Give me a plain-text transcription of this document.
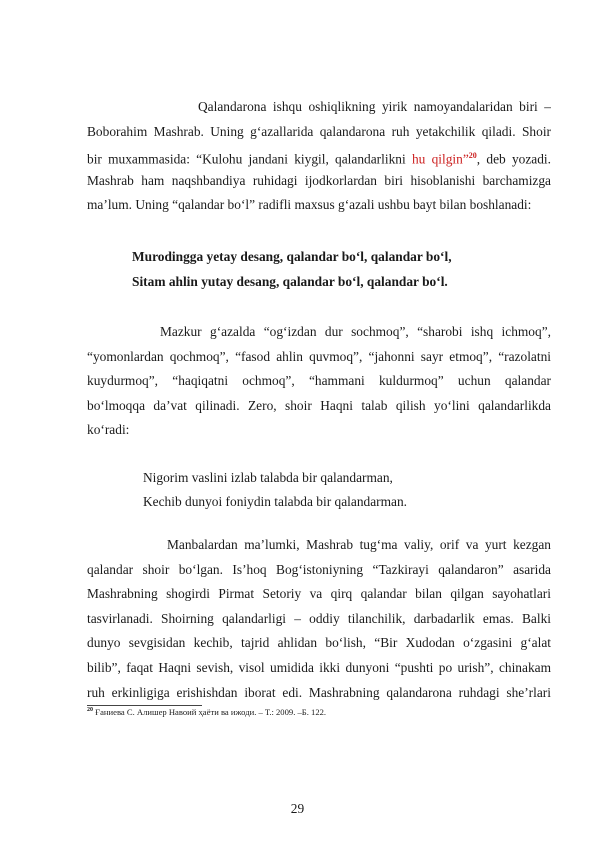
Qalandarona ishqu oshiqlikning yirik namoyandalaridan biri –
Boborahim Mashrab. Uning g‘azallarida qalandarona ruh yetakchilik qiladi. Shoir
bir muxammasida: “Kulohu jandani kiygil, qalandarlikni hu qilgin”$^{20}$, deb yozadi.
Mashrab ham naqshbandiya ruhidagi ijodkorlardan biri hisoblanishi barchamizga
ma’lum. Uning “qalandar bo‘l” radifli maxsus g‘azali ushbu bayt bilan boshlanadi:
Murodingga yetay desang, qalandar bo‘l, qalandar bo‘l,
Sitam ahlin yutay desang, qalandar bo‘l, qalandar bo‘l.
Mazkur g‘azalda “og‘izdan dur sochmoq”, “sharobi ishq ichmoq”,
“yomonlardan qochmoq”, “fasod ahlin quvmoq”, “jahonni sayr etmoq”, “razolatni
kuydurmoq”, “haqiqatni ochmoq”, “hammani kuldurmoq” uchun qalandar
bo‘lmoqqa da’vat qilinadi. Zero, shoir Haqni talab qilish yo‘lini qalandarlikda
ko‘radi:
Nigorim vaslini izlab talabda bir qalandarman,
Kechib dunyoi foniydin talabda bir qalandarman.
Manbalardan ma’lumki, Mashrab tug‘ma valiy, orif va yurt kezgan
qalandar shoir bo‘lgan. Is’hoq Bog‘istoniyning “Tazkirayi qalandaron” asarida
Mashrabning shogirdi Pirmat Setoriy va qirq qalandar bilan qilgan sayohatlari
tasvirlanadi. Shoirning qalandarligi – oddiy tilanchilik, darbadarlik emas. Balki
dunyo sevgisidan kechib, tajrid ahlidan bo‘lish, “Bir Xudodan o‘zgasini g‘alat
bilib”, faqat Haqni sevish, visol umidida ikki dunyoni “pushti po urish”, chinakam
ruh erkinligiga erishishdan iborat edi. Mashrabning qalandarona ruhdagi she’rlari
$^{20}$ Ғаниева С. Алишер Навоий ҳаёти ва ижоди. – Т.: 2009. –Б. 122.
29
